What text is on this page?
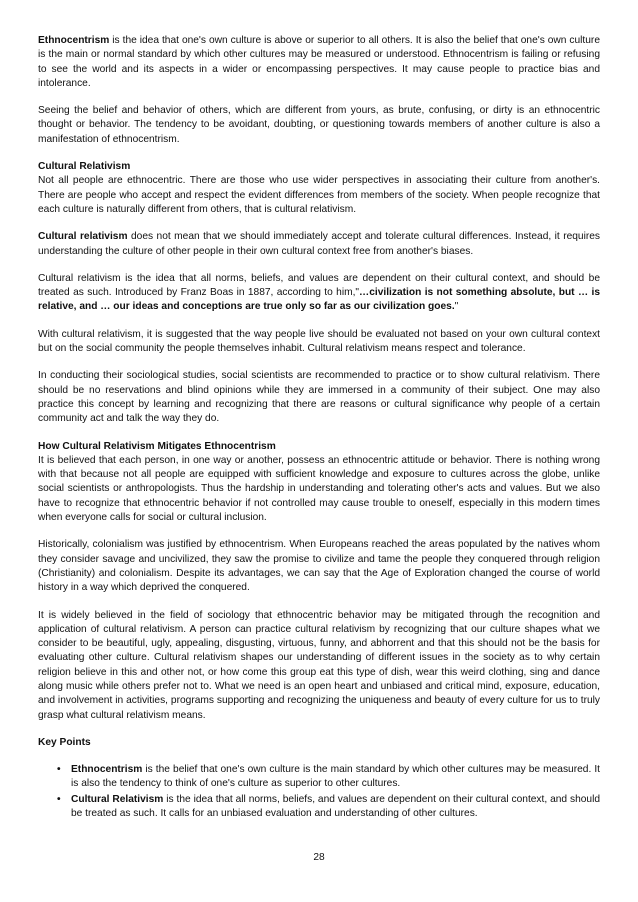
Ethnocentrism is the idea that one's own culture is above or superior to all others. It is also the belief that one's own culture is the main or normal standard by which other cultures may be measured or understood. Ethnocentrism is failing or refusing to see the world and its aspects in a wider or encompassing perspectives. It may cause people to practice bias and intolerance.

Seeing the belief and behavior of others, which are different from yours, as brute, confusing, or dirty is an ethnocentric thought or behavior. The tendency to be avoidant, doubting, or questioning towards members of another culture is also a manifestation of ethnocentrism.

Cultural Relativism
Not all people are ethnocentric. There are those who use wider perspectives in associating their culture from another's. There are people who accept and respect the evident differences from members of the society. When people recognize that each culture is naturally different from others, that is cultural relativism.

Cultural relativism does not mean that we should immediately accept and tolerate cultural differences. Instead, it requires understanding the culture of other people in their own cultural context free from another's biases.

Cultural relativism is the idea that all norms, beliefs, and values are dependent on their cultural context, and should be treated as such. Introduced by Franz Boas in 1887, according to him,"…civilization is not something absolute, but … is relative, and … our ideas and conceptions are true only so far as our civilization goes."

With cultural relativism, it is suggested that the way people live should be evaluated not based on your own cultural context but on the social community the people themselves inhabit. Cultural relativism means respect and tolerance.

In conducting their sociological studies, social scientists are recommended to practice or to show cultural relativism. There should be no reservations and blind opinions while they are immersed in a community of their subject. One may also practice this concept by learning and recognizing that there are reasons or cultural significance why people of a certain community act and talk the way they do.

How Cultural Relativism Mitigates Ethnocentrism
It is believed that each person, in one way or another, possess an ethnocentric attitude or behavior. There is nothing wrong with that because not all people are equipped with sufficient knowledge and exposure to cultures across the globe, unlike social scientists or anthropologists. Thus the hardship in understanding and tolerating other's acts and values. But we also have to recognize that ethnocentric behavior if not controlled may cause trouble to oneself, especially in this modern times when everyone calls for social or cultural inclusion.

Historically, colonialism was justified by ethnocentrism. When Europeans reached the areas populated by the natives whom they consider savage and uncivilized, they saw the promise to civilize and tame the people they conquered through religion (Christianity) and colonialism. Despite its advantages, we can say that the Age of Exploration changed the course of world history in a way which deprived the conquered.

It is widely believed in the field of sociology that ethnocentric behavior may be mitigated through the recognition and application of cultural relativism. A person can practice cultural relativism by recognizing that our culture shapes what we consider to be beautiful, ugly, appealing, disgusting, virtuous, funny, and abhorrent and that this should not be the basis for evaluating other culture. Cultural relativism shapes our understanding of different issues in the society as to why certain religion believe in this and other not, or how come this group eat this type of dish, wear this weird clothing, sing and dance along music while others prefer not to. What we need is an open heart and unbiased and critical mind, exposure, education, and involvement in activities, programs supporting and recognizing the uniqueness and beauty of every culture for us to truly grasp what cultural relativism means.

Key Points
• Ethnocentrism is the belief that one's own culture is the main standard by which other cultures may be measured. It is also the tendency to think of one's culture as superior to other cultures.
• Cultural Relativism is the idea that all norms, beliefs, and values are dependent on their cultural context, and should be treated as such. It calls for an unbiased evaluation and understanding of other cultures.
28
